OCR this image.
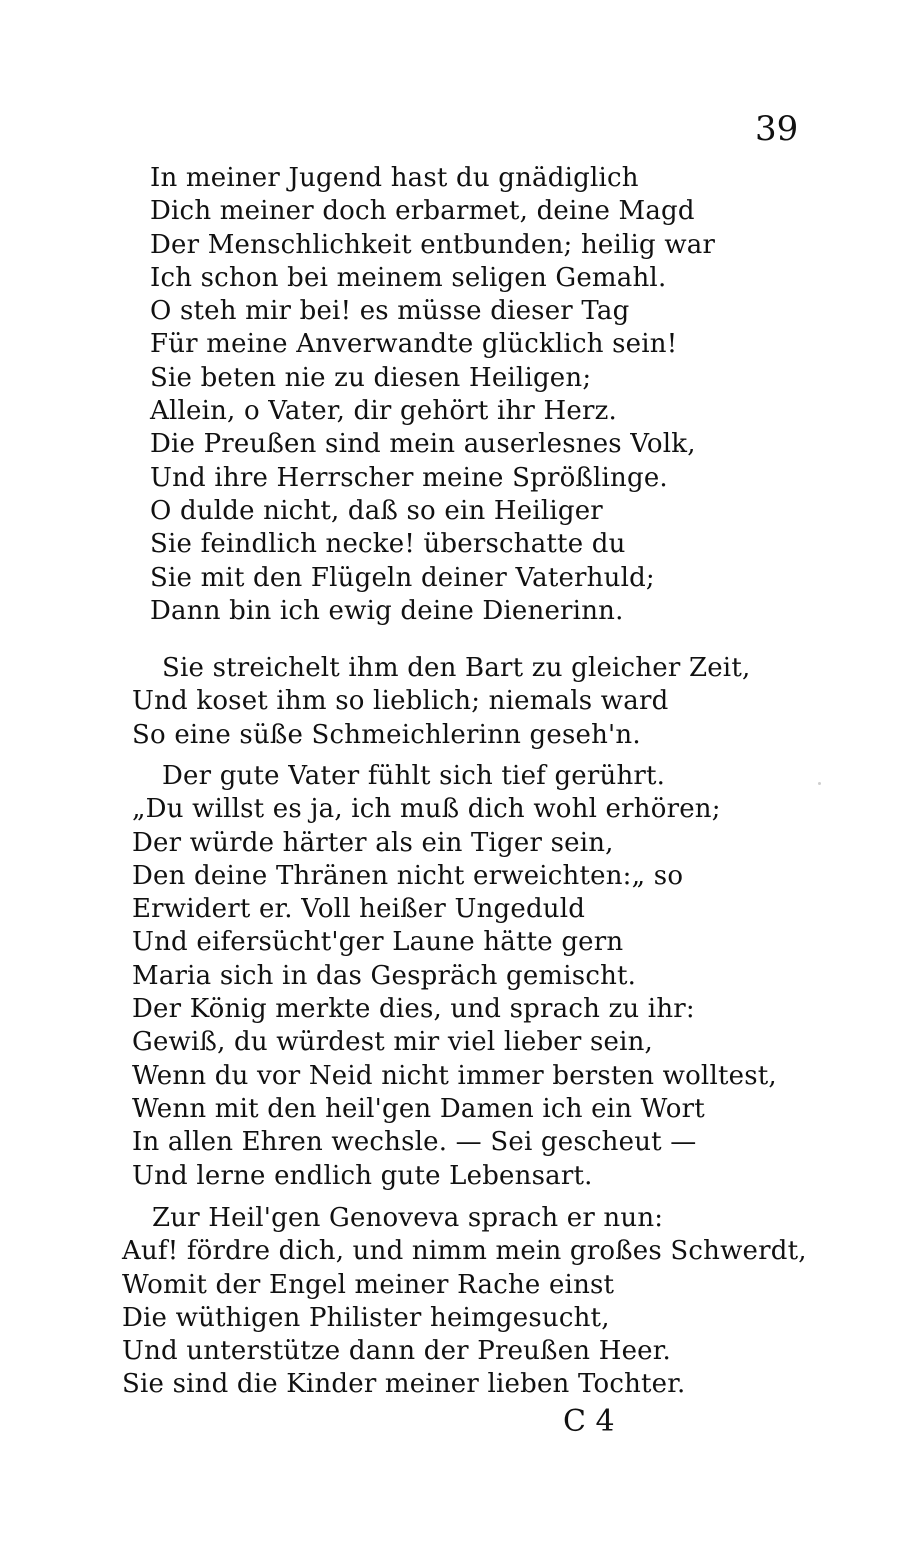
39
In meiner Jugend hast du gnädiglich
Dich meiner doch erbarmet, deine Magd
Der Menschlichkeit entbunden; heilig war
Ich schon bei meinem seligen Gemahl.
O steh mir bei! es müsse dieser Tag
Für meine Anverwandte glücklich sein!
Sie beten nie zu diesen Heiligen;
Allein, o Vater, dir gehört ihr Herz.
Die Preußen sind mein auserlesnes Volk,
Und ihre Herrscher meine Sprößlinge.
O dulde nicht, daß so ein Heiliger
Sie feindlich necke! überschatte du
Sie mit den Flügeln deiner Vaterhuld;
Dann bin ich ewig deine Dienerinn.
Sie streichelt ihm den Bart zu gleicher Zeit,
Und koset ihm so lieblich; niemals ward
So eine süße Schmeichlerinn geseh'n.
Der gute Vater fühlt sich tief gerührt.
„Du willst es ja, ich muß dich wohl erhören;
Der würde härter als ein Tiger sein,
Den deine Thränen nicht erweichten:„ so
Erwidert er. Voll heißer Ungeduld
Und eifersücht'ger Laune hätte gern
Maria sich in das Gespräch gemischt.
Der König merkte dies, und sprach zu ihr:
Gewiß, du würdest mir viel lieber sein,
Wenn du vor Neid nicht immer bersten wolltest,
Wenn mit den heil'gen Damen ich ein Wort
In allen Ehren wechsle. — Sei gescheut —
Und lerne endlich gute Lebensart.
Zur Heil'gen Genoveva sprach er nun:
Auf! fördre dich, und nimm mein großes Schwerdt,
Womit der Engel meiner Rache einst
Die wüthigen Philister heimgesucht,
Und unterstütze dann der Preußen Heer.
Sie sind die Kinder meiner lieben Tochter.
C 4
